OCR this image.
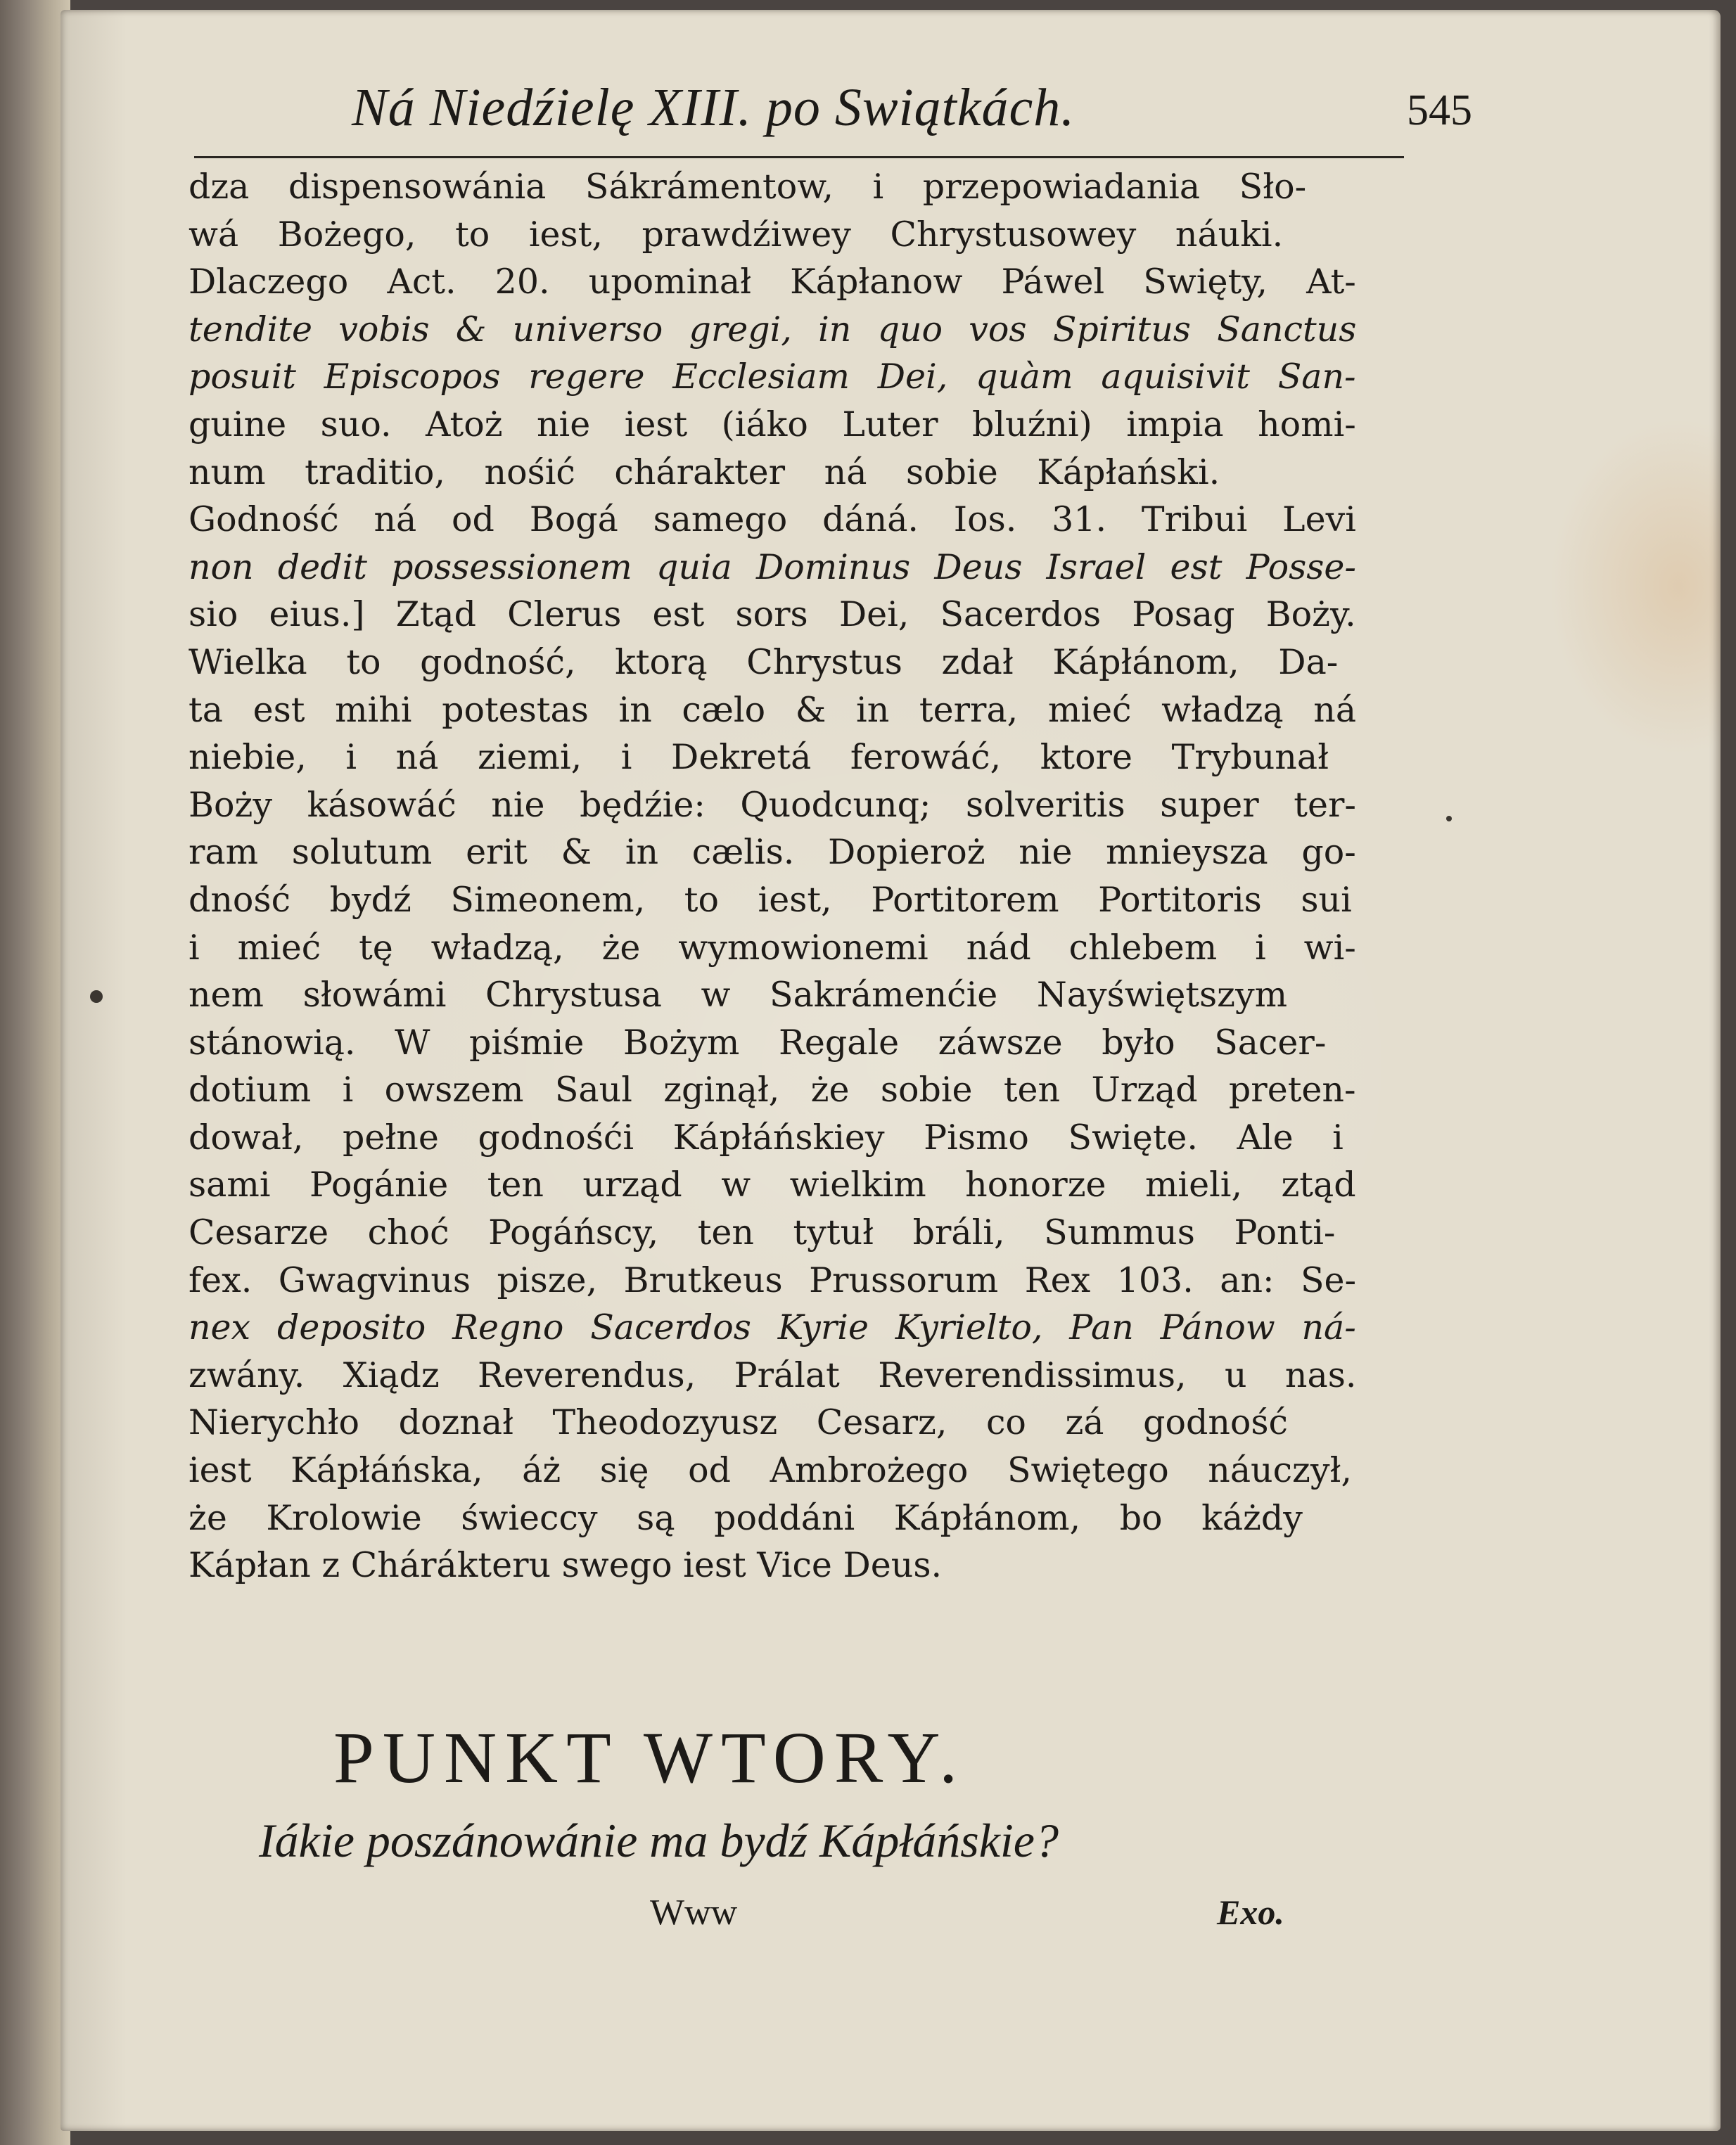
Ná Niedźielę XIII. po Swiątkách.	545
dza dispensowánia Sákrámentow, i przepowiadania Sło-
wá Bożego, to iest, prawdźiwey Chrystusowey náuki.
Dlaczego Act. 20. upominał Kápłanow Páwel Swięty, At-
tendite vobis & universo gregi, in quo vos Spiritus Sanctus
posuit Episcopos regere Ecclesiam Dei, quàm aquisivit San-
guine suo. Atoż nie iest (iáko Luter bluźni) impia homi-
num traditio, nośić chárakter ná sobie Kápłański.
Godność ná od Bogá samego dáná. Ios. 31. Tribui Levi
non dedit possessionem quia Dominus Deus Israel est Posse-
sio eius.] Ztąd Clerus est sors Dei, Sacerdos Posag Boży.
Wielka to godność, ktorą Chrystus zdał Kápłánom, Da-
ta est mihi potestas in cælo & in terra, mieć władzą ná
niebie, i ná ziemi, i Dekretá ferowáć, ktore Trybunał
Boży kásowáć nie będźie: Quodcunq; solveritis super ter-
ram solutum erit & in cælis. Dopieroż nie mnieysza go-
dność bydź Simeonem, to iest, Portitorem Portitoris sui
i mieć tę władzą, że wymowionemi nád chlebem i wi-
nem słowámi Chrystusa w Sakrámenćie Nayświętszym
stánowią. W piśmie Bożym Regale záwsze było Sacer-
dotium i owszem Saul zginął, że sobie ten Urząd preten-
dował, pełne godnośći Kápłáńskiey Pismo Swięte. Ale i
sami Pogánie ten urząd w wielkim honorze mieli, ztąd
Cesarze choć Pogáńscy, ten tytuł bráli, Summus Ponti-
fex. Gwagvinus pisze, Brutkeus Prussorum Rex 103. an: Se-
nex deposito Regno Sacerdos Kyrie Kyrielto, Pan Pánow ná-
zwány. Xiądz Reverendus, Prálat Reverendissimus, u nas.
Nierychło doznał Theodozyusz Cesarz, co zá godność
iest Kápłáńska, áż się od Ambrożego Swiętego náuczył,
że Krolowie świeccy są poddáni Kápłánom, bo káżdy
Kápłan z Chárákteru swego iest Vice Deus.
PUNKT WTORY.
Iákie poszánowánie ma bydź Kápłáńskie?
Www	Exo.
